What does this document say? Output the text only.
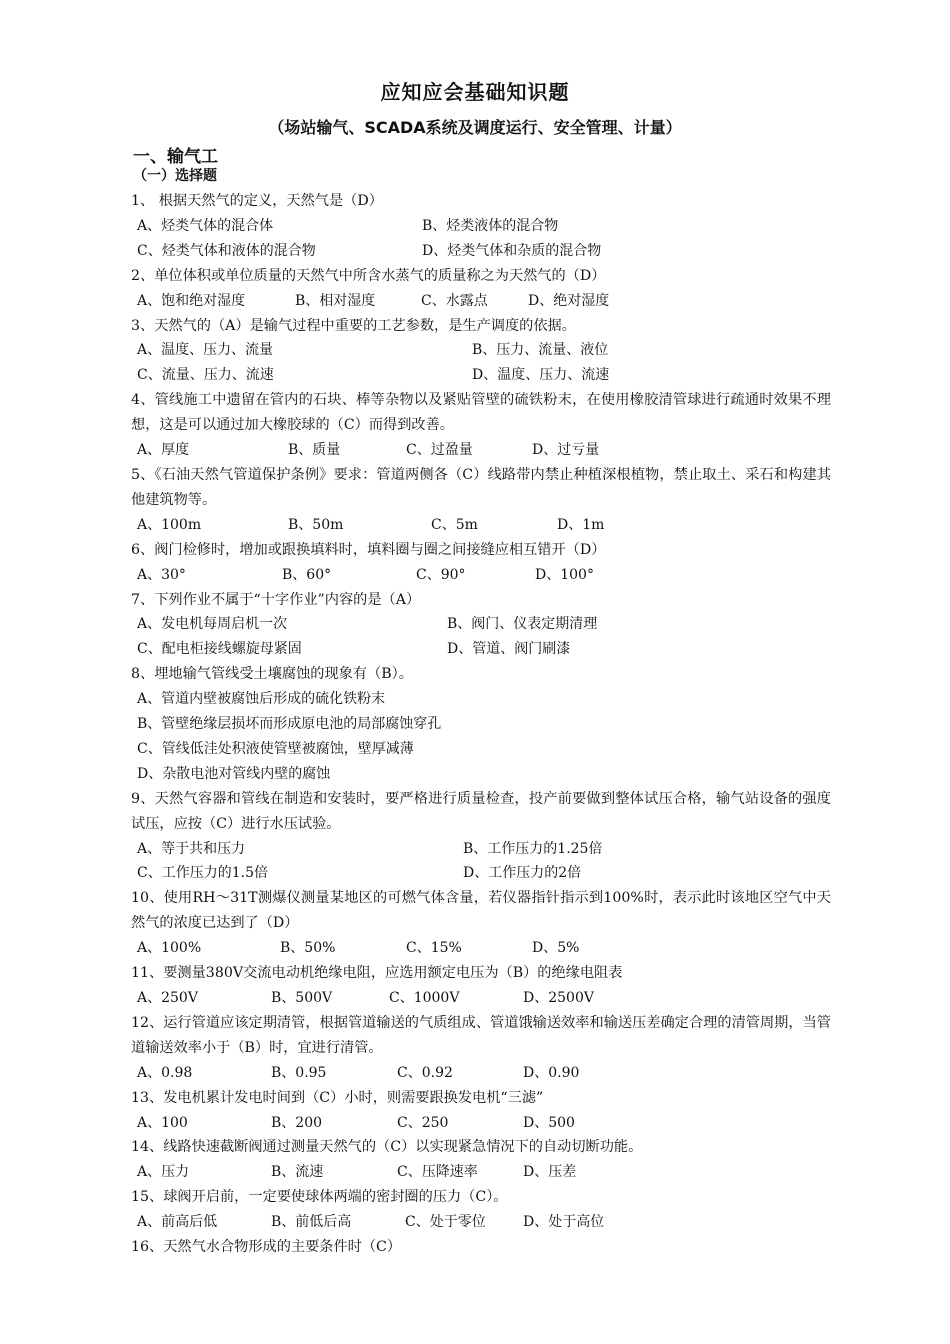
应知应会基础知识题
（场站输气、SCADA系统及调度运行、安全管理、计量）
一、输气工
（一）选择题
1、 根据天然气的定义，天然气是（D）
A、烃类气体的混合体	B、烃类液体的混合物
C、烃类气体和液体的混合物	D、烃类气体和杂质的混合物
2、单位体积或单位质量的天然气中所含水蒸气的质量称之为天然气的（D）
A、饱和绝对湿度	B、相对湿度	C、水露点	D、绝对湿度
3、天然气的（A）是输气过程中重要的工艺参数，是生产调度的依据。
A、温度、压力、流量	B、压力、流量、液位
C、流量、压力、流速	D、温度、压力、流速
4、管线施工中遗留在管内的石块、棒等杂物以及紧贴管壁的硫铁粉末，在使用橡胶清管球进行疏通时效果不理想，这是可以通过加大橡胶球的（C）而得到改善。
A、厚度	B、质量	C、过盈量	D、过亏量
5、《石油天然气管道保护条例》要求：管道两侧各（C）线路带内禁止种植深根植物，禁止取土、采石和构建其他建筑物等。
A、100m	B、50m	C、5m	D、1m
6、阀门检修时，增加或跟换填料时，填料圈与圈之间接缝应相互错开（D）
A、30°	B、60°	C、90°	D、100°
7、下列作业不属于“十字作业”内容的是（A）
A、发电机每周启机一次	B、阀门、仪表定期清理
C、配电柜接线螺旋母紧固	D、管道、阀门刷漆
8、埋地输气管线受土壤腐蚀的现象有（B）。
A、管道内壁被腐蚀后形成的硫化铁粉末
B、管壁绝缘层损坏而形成原电池的局部腐蚀穿孔
C、管线低洼处积液使管壁被腐蚀，壁厚减薄
D、杂散电池对管线内壁的腐蚀
9、天然气容器和管线在制造和安装时，要严格进行质量检查，投产前要做到整体试压合格，输气站设备的强度试压，应按（C）进行水压试验。
A、等于共和压力	B、工作压力的1.25倍
C、工作压力的1.5倍	D、工作压力的2倍
10、使用RH～31T测爆仪测量某地区的可燃气体含量，若仪器指针指示到100%时，表示此时该地区空气中天然气的浓度已达到了（D）
A、100%	B、50%	C、15%	D、5%
11、要测量380V交流电动机绝缘电阻，应选用额定电压为（B）的绝缘电阻表
A、250V	B、500V	C、1000V	D、2500V
12、运行管道应该定期清管，根据管道输送的气质组成、管道饿输送效率和输送压差确定合理的清管周期，当管道输送效率小于（B）时，宜进行清管。
A、0.98	B、0.95	C、0.92	D、0.90
13、发电机累计发电时间到（C）小时，则需要跟换发电机“三滤”
A、100	B、200	C、250	D、500
14、线路快速截断阀通过测量天然气的（C）以实现紧急情况下的自动切断功能。
A、压力	B、流速	C、压降速率	D、压差
15、球阀开启前，一定要使球体两端的密封圈的压力（C）。
A、前高后低	B、前低后高	C、处于零位	D、处于高位
16、天然气水合物形成的主要条件时（C）
